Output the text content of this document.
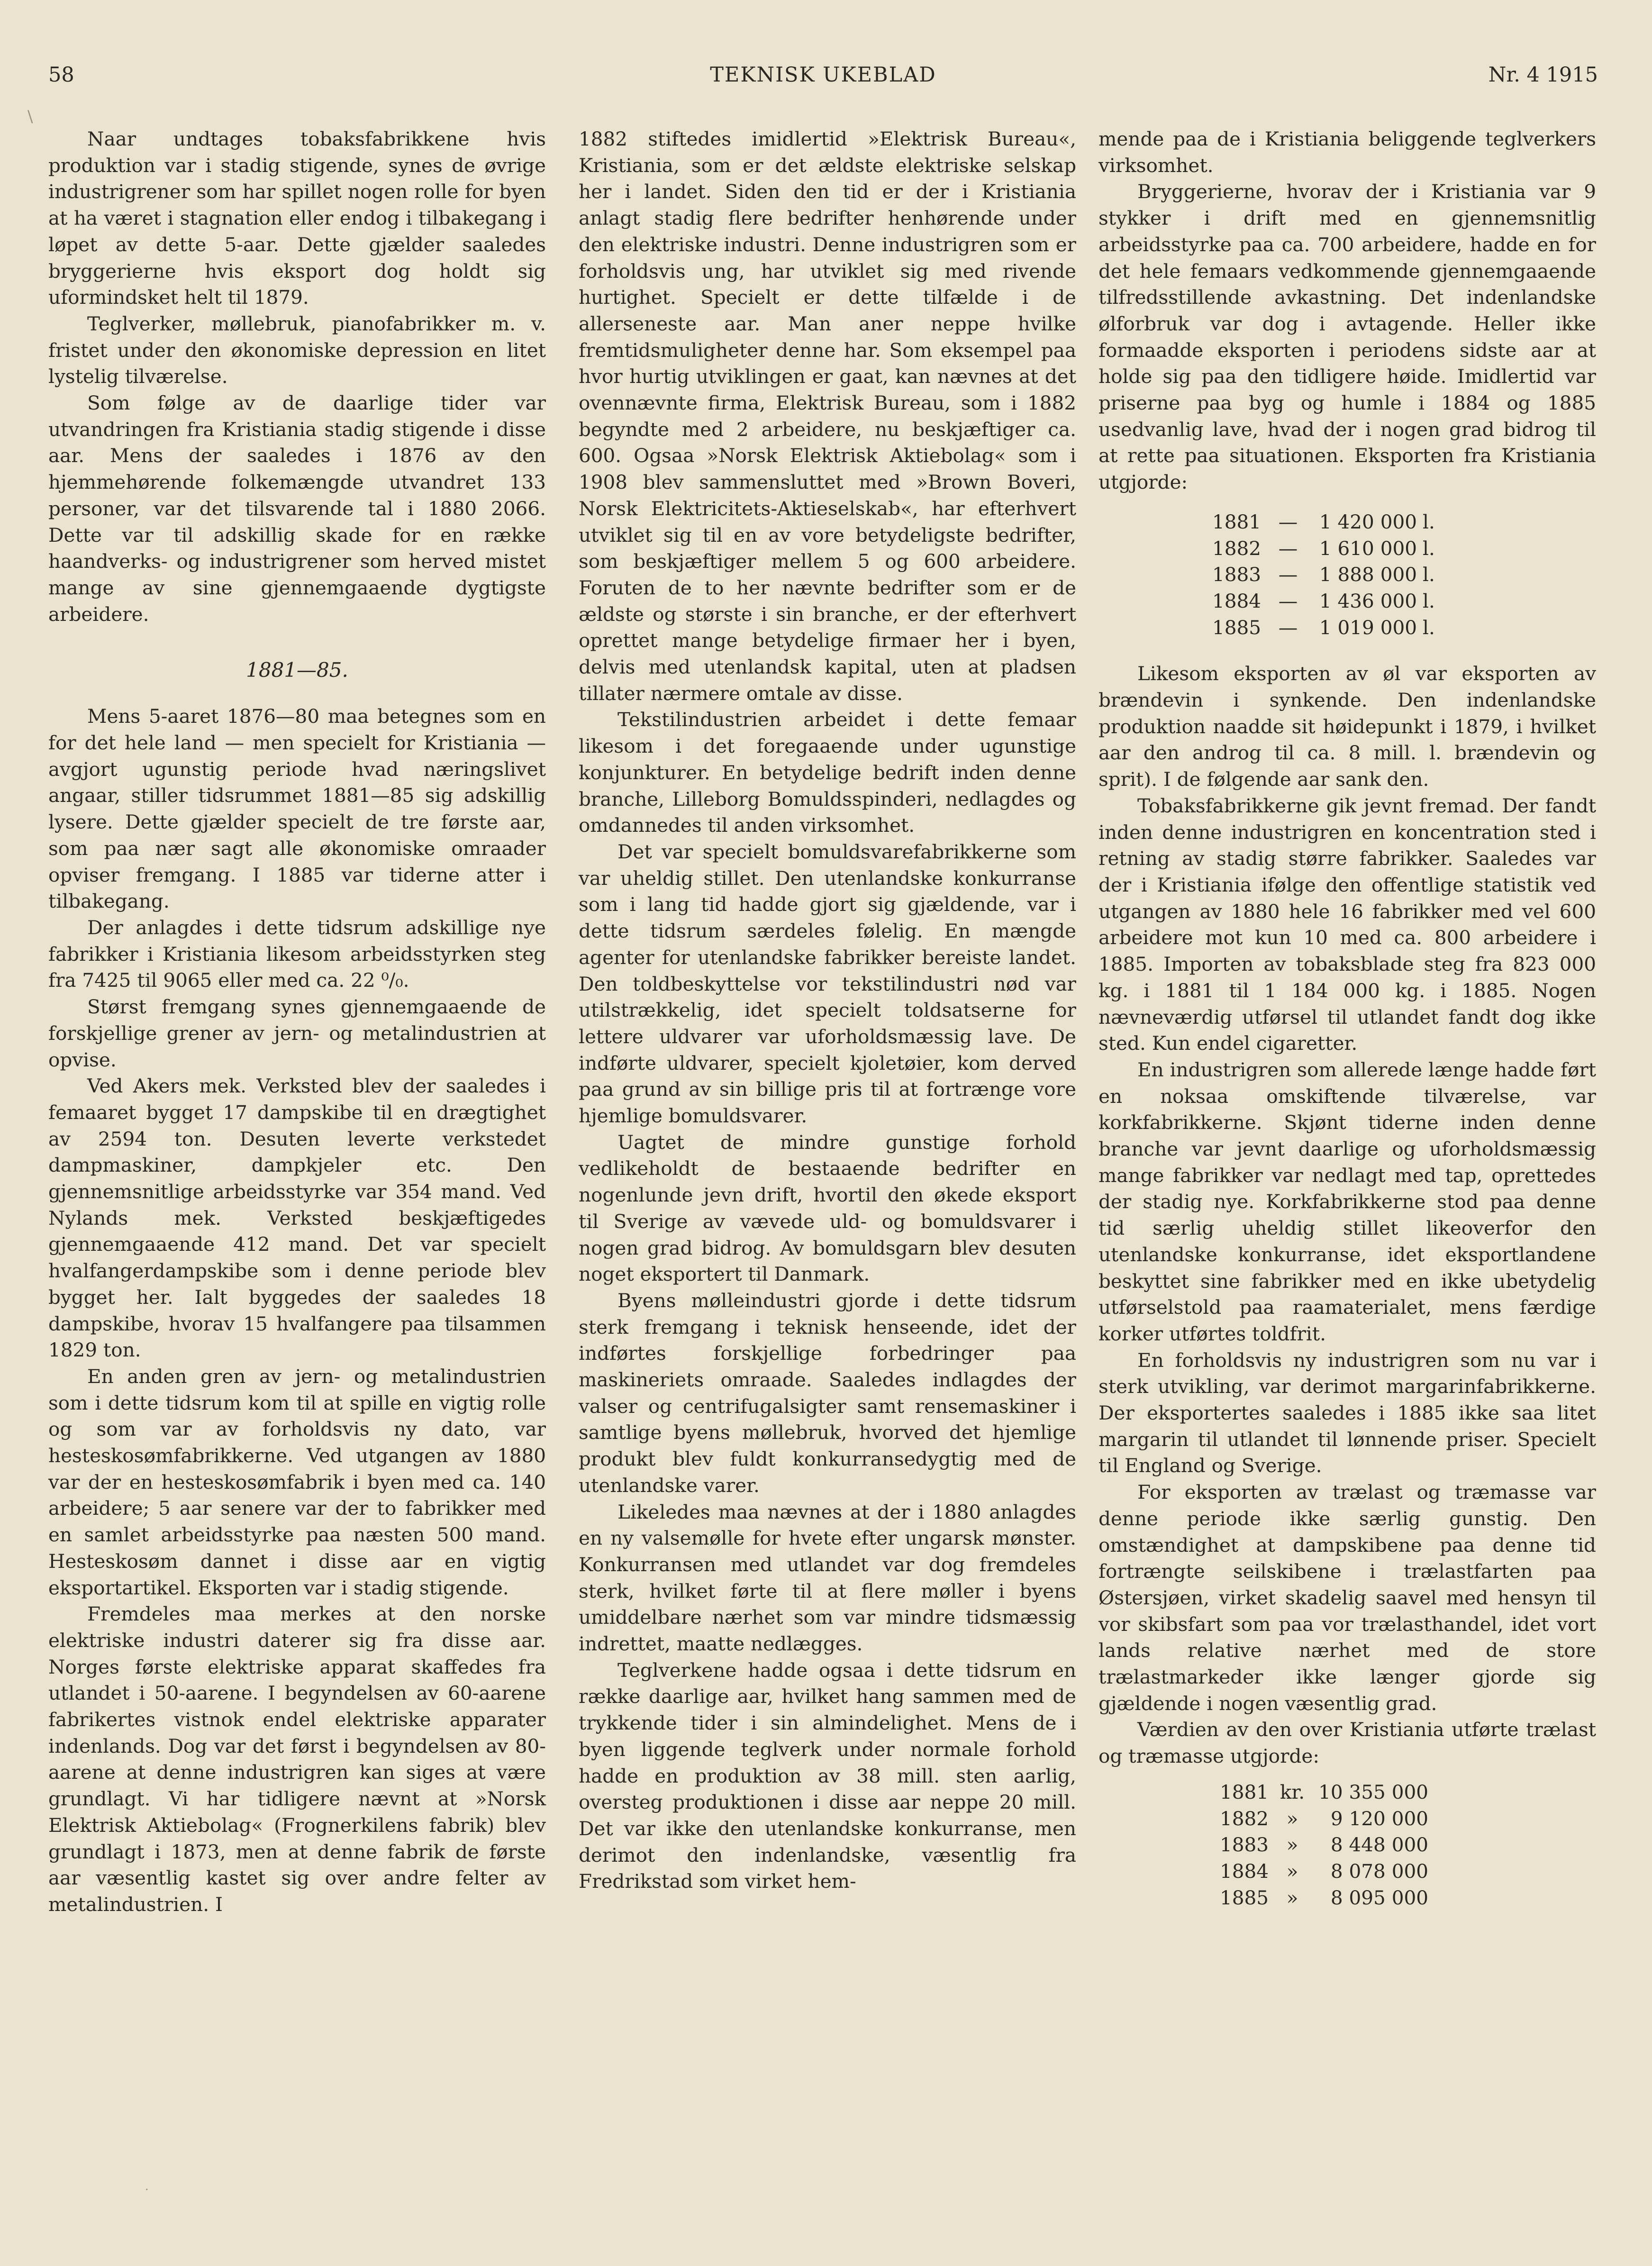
58	TEKNISK UKEBLAD	Nr. 4 1915
\

Naar undtages tobaksfabrikkene hvis produktion var i stadig stigende, synes de øvrige industrigrener som har spillet nogen rolle for byen at ha været i stagnation eller endog i tilbakegang i løpet av dette 5-aar. Dette gjælder saaledes bryggerierne hvis eksport dog holdt sig uformindsket helt til 1879.

Teglverker, møllebruk, pianofabrikker m. v. fristet under den økonomiske depression en litet lystelig tilværelse.

Som følge av de daarlige tider var utvandringen fra Kristiania stadig stigende i disse aar. Mens der saaledes i 1876 av den hjemmehørende folkemængde utvandret 133 personer, var det tilsvarende tal i 1880 2066. Dette var til adskillig skade for en række haandverks- og industrigrener som herved mistet mange av sine gjennemgaaende dygtigste arbeidere.

1881—85.

Mens 5-aaret 1876—80 maa betegnes som en for det hele land — men specielt for Kristiania — avgjort ugunstig periode hvad næringslivet angaar, stiller tidsrummet 1881—85 sig adskillig lysere. Dette gjælder specielt de tre første aar, som paa nær sagt alle økonomiske omraader opviser fremgang. I 1885 var tiderne atter i tilbakegang.

Der anlagdes i dette tidsrum adskillige nye fabrikker i Kristiania likesom arbeidsstyrken steg fra 7425 til 9065 eller med ca. 22 ⁰/₀.

Størst fremgang synes gjennemgaaende de forskjellige grener av jern- og metalindustrien at opvise.

Ved Akers mek. Verksted blev der saaledes i femaaret bygget 17 dampskibe til en drægtighet av 2594 ton. Desuten leverte verkstedet dampmaskiner, dampkjeler etc. Den gjennemsnitlige arbeidsstyrke var 354 mand. Ved Nylands mek. Verksted beskjæftigedes gjennemgaaende 412 mand. Det var specielt hvalfangerdampskibe som i denne periode blev bygget her. Ialt byggedes der saaledes 18 dampskibe, hvorav 15 hvalfangere paa tilsammen 1829 ton.

En anden gren av jern- og metalindustrien som i dette tidsrum kom til at spille en vigtig rolle og som var av forholdsvis ny dato, var hesteskosømfabrikkerne. Ved utgangen av 1880 var der en hesteskosømfabrik i byen med ca. 140 arbeidere; 5 aar senere var der to fabrikker med en samlet arbeidsstyrke paa næsten 500 mand. Hesteskosøm dannet i disse aar en vigtig eksportartikel. Eksporten var i stadig stigende.

Fremdeles maa merkes at den norske elektriske industri daterer sig fra disse aar. Norges første elektriske apparat skaffedes fra utlandet i 50-aarene. I begyndelsen av 60-aarene fabrikertes vistnok endel elektriske apparater indenlands. Dog var det først i begyndelsen av 80-aarene at denne industrigren kan siges at være grundlagt. Vi har tidligere nævnt at »Norsk Elektrisk Aktiebolag« (Frognerkilens fabrik) blev grundlagt i 1873, men at denne fabrik de første aar væsentlig kastet sig over andre felter av metalindustrien. I

1882 stiftedes imidlertid »Elektrisk Bureau«, Kristiania, som er det ældste elektriske selskap her i landet. Siden den tid er der i Kristiania anlagt stadig flere bedrifter henhørende under den elektriske industri. Denne industrigren som er forholdsvis ung, har utviklet sig med rivende hurtighet. Specielt er dette tilfælde i de allerseneste aar. Man aner neppe hvilke fremtidsmuligheter denne har. Som eksempel paa hvor hurtig utviklingen er gaat, kan nævnes at det ovennævnte firma, Elektrisk Bureau, som i 1882 begyndte med 2 arbeidere, nu beskjæftiger ca. 600. Ogsaa »Norsk Elektrisk Aktiebolag« som i 1908 blev sammensluttet med »Brown Boveri, Norsk Elektricitets-Aktieselskab«, har efterhvert utviklet sig til en av vore betydeligste bedrifter, som beskjæftiger mellem 5 og 600 arbeidere. Foruten de to her nævnte bedrifter som er de ældste og største i sin branche, er der efterhvert oprettet mange betydelige firmaer her i byen, delvis med utenlandsk kapital, uten at pladsen tillater nærmere omtale av disse.

Tekstilindustrien arbeidet i dette femaar likesom i det foregaaende under ugunstige konjunkturer. En betydelige bedrift inden denne branche, Lilleborg Bomuldsspinderi, nedlagdes og omdannedes til anden virksomhet.

Det var specielt bomuldsvarefabrikkerne som var uheldig stillet. Den utenlandske konkurranse som i lang tid hadde gjort sig gjældende, var i dette tidsrum særdeles følelig. En mængde agenter for utenlandske fabrikker bereiste landet. Den toldbeskyttelse vor tekstilindustri nød var utilstrækkelig, idet specielt toldsatserne for lettere uldvarer var uforholdsmæssig lave. De indførte uldvarer, specielt kjoletøier, kom derved paa grund av sin billige pris til at fortrænge vore hjemlige bomuldsvarer.

Uagtet de mindre gunstige forhold vedlikeholdt de bestaaende bedrifter en nogenlunde jevn drift, hvortil den økede eksport til Sverige av vævede uld- og bomuldsvarer i nogen grad bidrog. Av bomuldsgarn blev desuten noget eksportert til Danmark.

Byens mølleindustri gjorde i dette tidsrum sterk fremgang i teknisk henseende, idet der indførtes forskjellige forbedringer paa maskineriets omraade. Saaledes indlagdes der valser og centrifugalsigter samt rensemaskiner i samtlige byens møllebruk, hvorved det hjemlige produkt blev fuldt konkurransedygtig med de utenlandske varer.

Likeledes maa nævnes at der i 1880 anlagdes en ny valsemølle for hvete efter ungarsk mønster. Konkurransen med utlandet var dog fremdeles sterk, hvilket førte til at flere møller i byens umiddelbare nærhet som var mindre tidsmæssig indrettet, maatte nedlægges.

Teglverkene hadde ogsaa i dette tidsrum en række daarlige aar, hvilket hang sammen med de trykkende tider i sin almindelighet. Mens de i byen liggende teglverk under normale forhold hadde en produktion av 38 mill. sten aarlig, oversteg produktionen i disse aar neppe 20 mill. Det var ikke den utenlandske konkurranse, men derimot den indenlandske, væsentlig fra Fredrikstad som virket hem-

mende paa de i Kristiania beliggende teglverkers virksomhet.

Bryggerierne, hvorav der i Kristiania var 9 stykker i drift med en gjennemsnitlig arbeidsstyrke paa ca. 700 arbeidere, hadde en for det hele femaars vedkommende gjennemgaaende tilfredsstillende avkastning. Det indenlandske ølforbruk var dog i avtagende. Heller ikke formaadde eksporten i periodens sidste aar at holde sig paa den tidligere høide. Imidlertid var priserne paa byg og humle i 1884 og 1885 usedvanlig lave, hvad der i nogen grad bidrog til at rette paa situationen. Eksporten fra Kristiania utgjorde:

1881 —	1 420 000 l.
1882 —	1 610 000 l.
1883 —	1 888 000 l.
1884 —	1 436 000 l.
1885 —	1 019 000 l.

Likesom eksporten av øl var eksporten av brændevin i synkende. Den indenlandske produktion naadde sit høidepunkt i 1879, i hvilket aar den androg til ca. 8 mill. l. brændevin og sprit). I de følgende aar sank den.

Tobaksfabrikkerne gik jevnt fremad. Der fandt inden denne industrigren en koncentration sted i retning av stadig større fabrikker. Saaledes var der i Kristiania ifølge den offentlige statistik ved utgangen av 1880 hele 16 fabrikker med vel 600 arbeidere mot kun 10 med ca. 800 arbeidere i 1885. Importen av tobaksblade steg fra 823 000 kg. i 1881 til 1 184 000 kg. i 1885. Nogen nævneværdig utførsel til utlandet fandt dog ikke sted. Kun endel cigaretter.

En industrigren som allerede længe hadde ført en noksaa omskiftende tilværelse, var korkfabrikkerne. Skjønt tiderne inden denne branche var jevnt daarlige og uforholdsmæssig mange fabrikker var nedlagt med tap, oprettedes der stadig nye. Korkfabrikkerne stod paa denne tid særlig uheldig stillet likeoverfor den utenlandske konkurranse, idet eksportlandene beskyttet sine fabrikker med en ikke ubetydelig utførselstold paa raamaterialet, mens færdige korker utførtes toldfrit.

En forholdsvis ny industrigren som nu var i sterk utvikling, var derimot margarinfabrikkerne. Der eksportertes saaledes i 1885 ikke saa litet margarin til utlandet til lønnende priser. Specielt til England og Sverige.

For eksporten av trælast og træmasse var denne periode ikke særlig gunstig. Den omstændighet at dampskibene paa denne tid fortrængte seilskibene i trælastfarten paa Østersjøen, virket skadelig saavel med hensyn til vor skibsfart som paa vor trælasthandel, idet vort lands relative nærhet med de store trælastmarkeder ikke længer gjorde sig gjældende i nogen væsentlig grad.

Værdien av den over Kristiania utførte trælast og træmasse utgjorde:

1881 kr. 10 355 000
1882 »	9 120 000
1883 »	8 448 000
1884 »	8 078 000
1885 »	8 095 000
·
